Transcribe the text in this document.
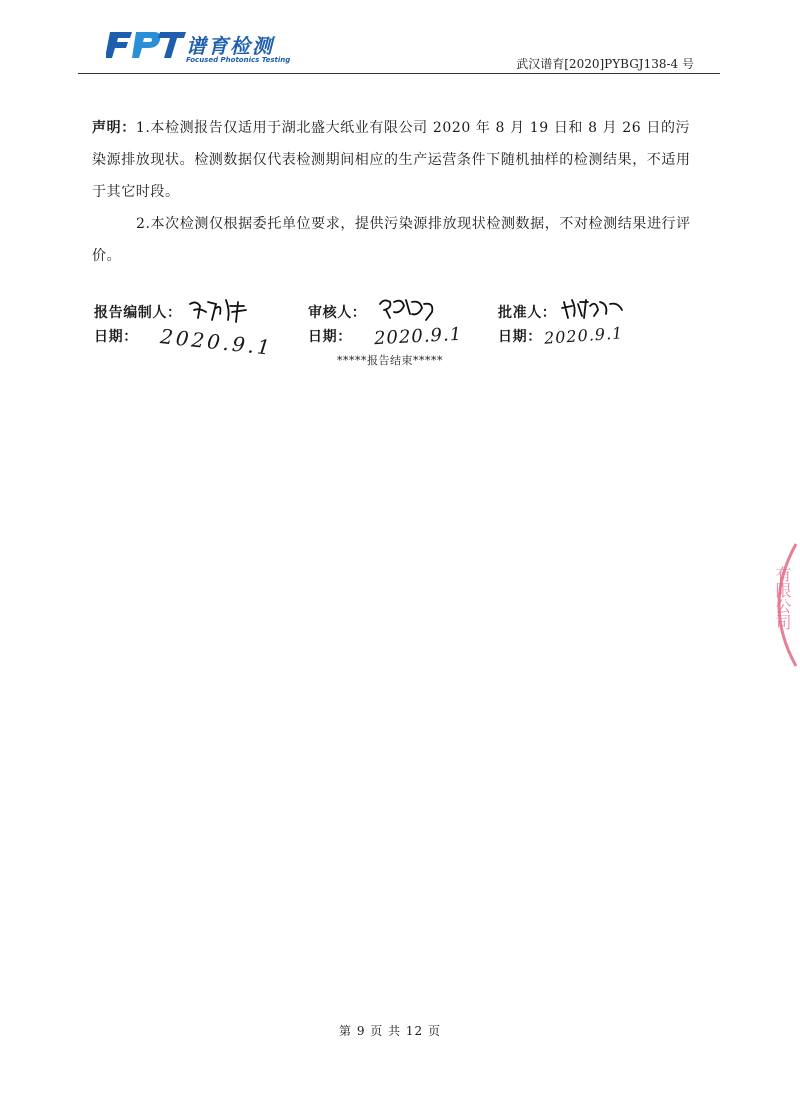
谱育检测
Focused Photonics Testing	武汉谱育[2020]PYBGJ138-4 号

声明：1.本检测报告仅适用于湖北盛大纸业有限公司 2020 年 8 月 19 日和 8 月 26 日的污染源排放现状。检测数据仅代表检测期间相应的生产运营条件下随机抽样的检测结果，不适用于其它时段。

2.本次检测仅根据委托单位要求，提供污染源排放现状检测数据，不对检测结果进行评价。

报告编制人：	审核人：	批准人：
日期：	日期：	日期：
2020.9.1	2020.9.1	2020.9.1
*****报告结束*****
有限公司
第 9 页 共 12 页
